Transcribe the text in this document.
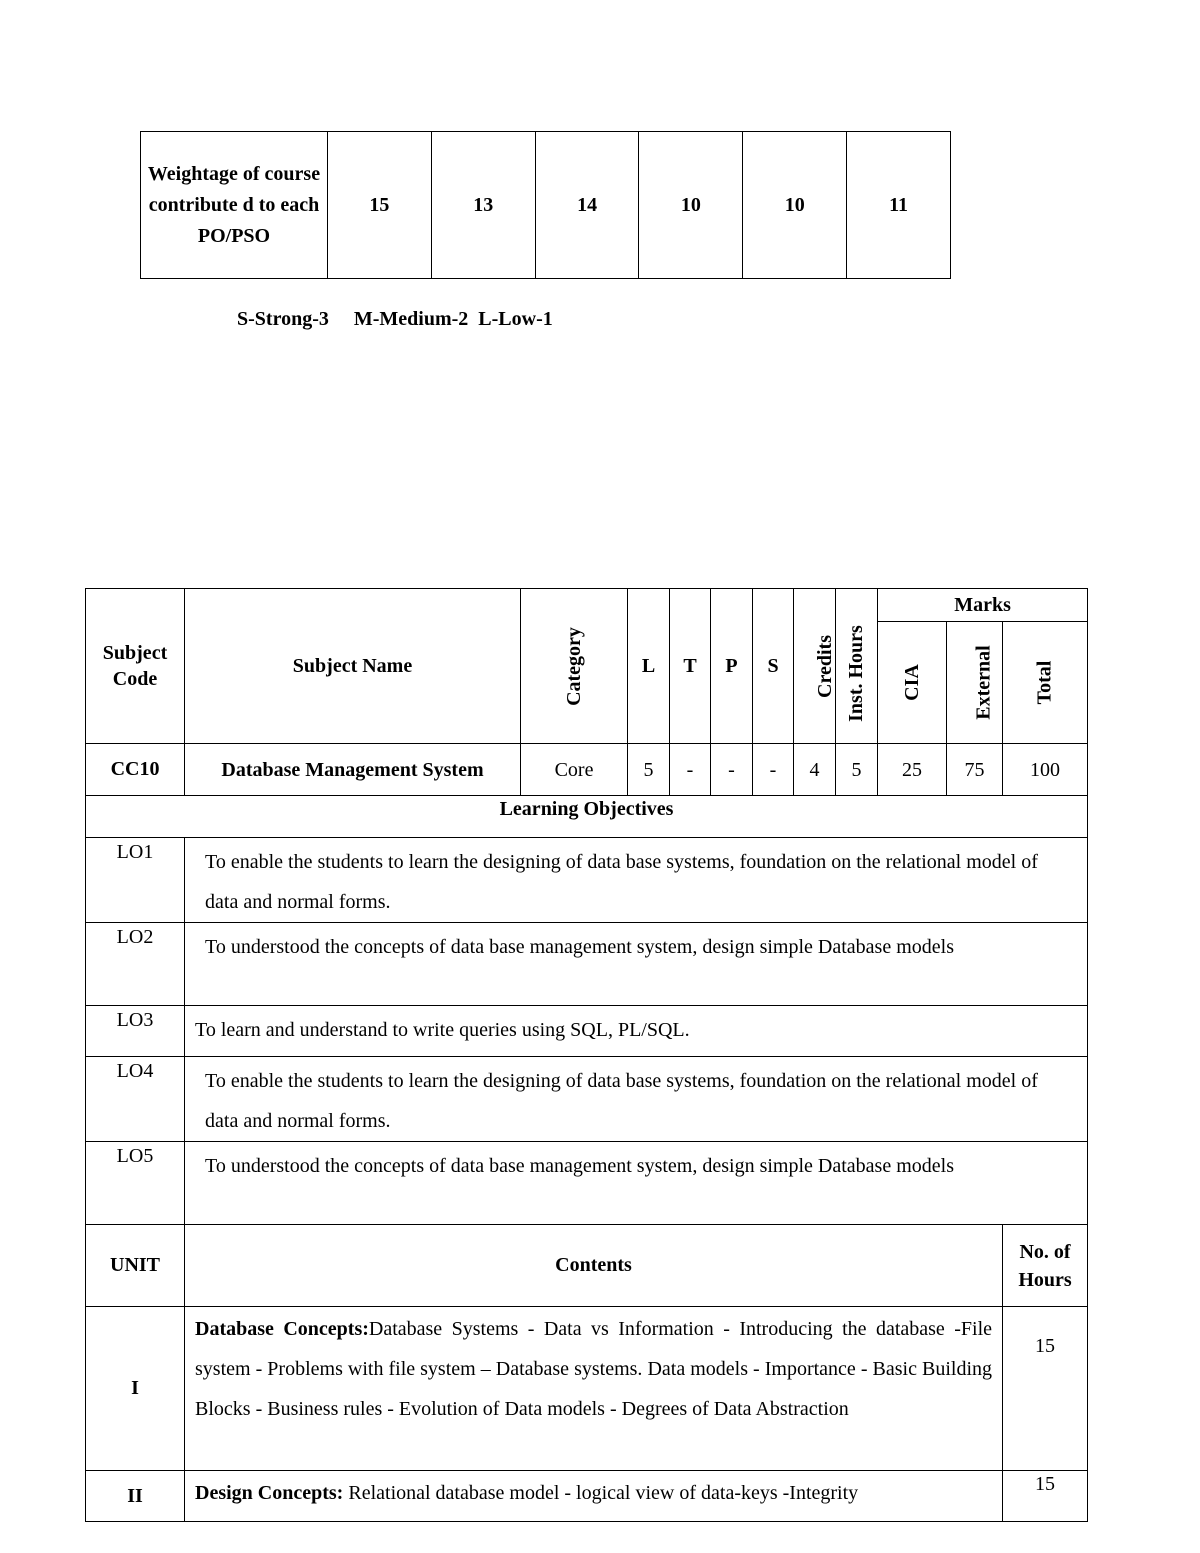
Weightage of course contribute d to each PO/PSO	15	13	14	10	10	11
S-Strong-3     M-Medium-2  L-Low-1
Subject Code	Subject Name	Category	L	T	P	S	Credits	Inst. Hours	Marks		
									CIA	External	Total
CC10	Database Management System	Core	5	-	-	-	4	5	25	75	100
Learning Objectives											
LO1	To enable the students to learn the designing of data base systems, foundation on the relational model of data and normal forms.										
LO2	To understood the concepts of data base management system, design simple Database models										
LO3	To learn and understand to write queries using SQL, PL/SQL.										
LO4	To enable the students to learn the designing of data base systems, foundation on the relational model of data and normal forms.										
LO5	To understood the concepts of data base management system, design simple Database models										
UNIT	Contents										No. of Hours
I	Database Concepts:Database Systems - Data vs Information - Introducing the database -File system - Problems with file system – Database systems. Data models - Importance - Basic Building Blocks - Business rules - Evolution of Data models - Degrees of Data Abstraction										15
II	Design Concepts: Relational database model - logical view of data-keys -Integrity										15
